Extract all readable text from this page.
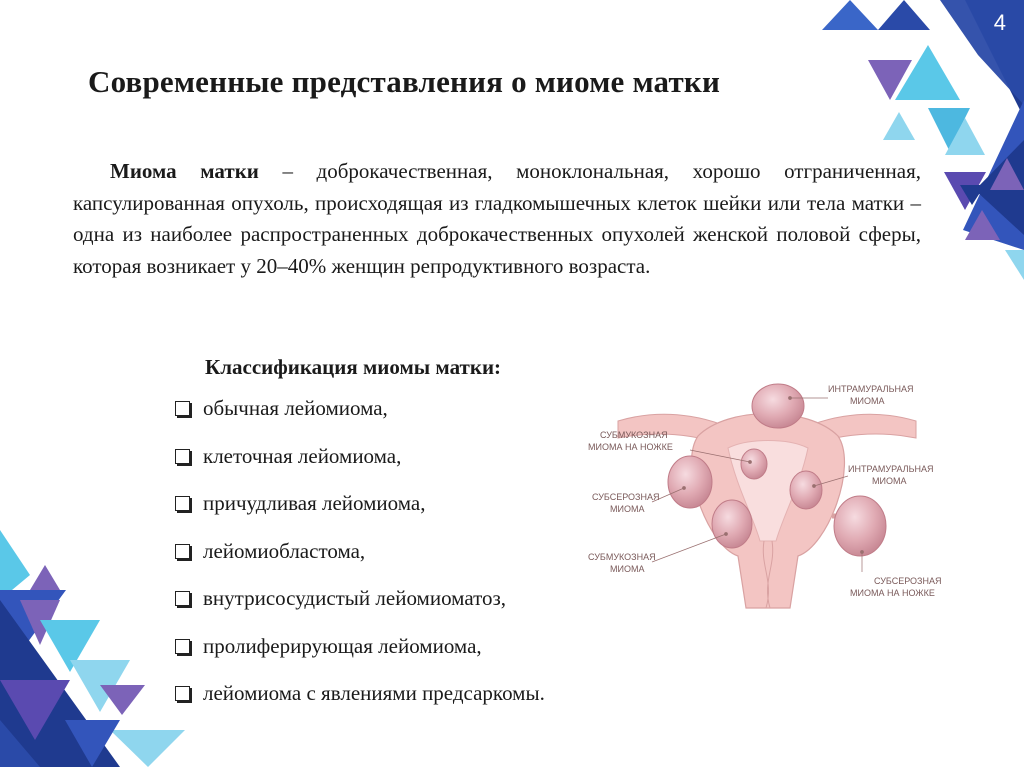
4
Современные представления о миоме матки

Миома матки – доброкачественная, моноклональная, хорошо отграниченная, капсулированная опухоль, происходящая из гладкомышечных клеток шейки или тела матки – одна из наиболее распространенных доброкачественных опухолей женской половой сферы, которая возникает у 20–40% женщин репродуктивного возраста.

Классификация миомы матки:
обычная лейомиома,
клеточная лейомиома,
причудливая лейомиома,
лейомиобластома,
внутрисосудистый лейомиоматоз,
пролиферирующая лейомиома,
лейомиома с явлениями предсаркомы.
ИНТРАМУРАЛЬНАЯ
МИОМА
СУБМУКОЗНАЯ
МИОМА НА НОЖКЕ
ИНТРАМУРАЛЬНАЯ
МИОМА
СУБСЕРОЗНАЯ
МИОМА
СУБМУКОЗНАЯ
МИОМА
СУБСЕРОЗНАЯ
МИОМА НА НОЖКЕ
